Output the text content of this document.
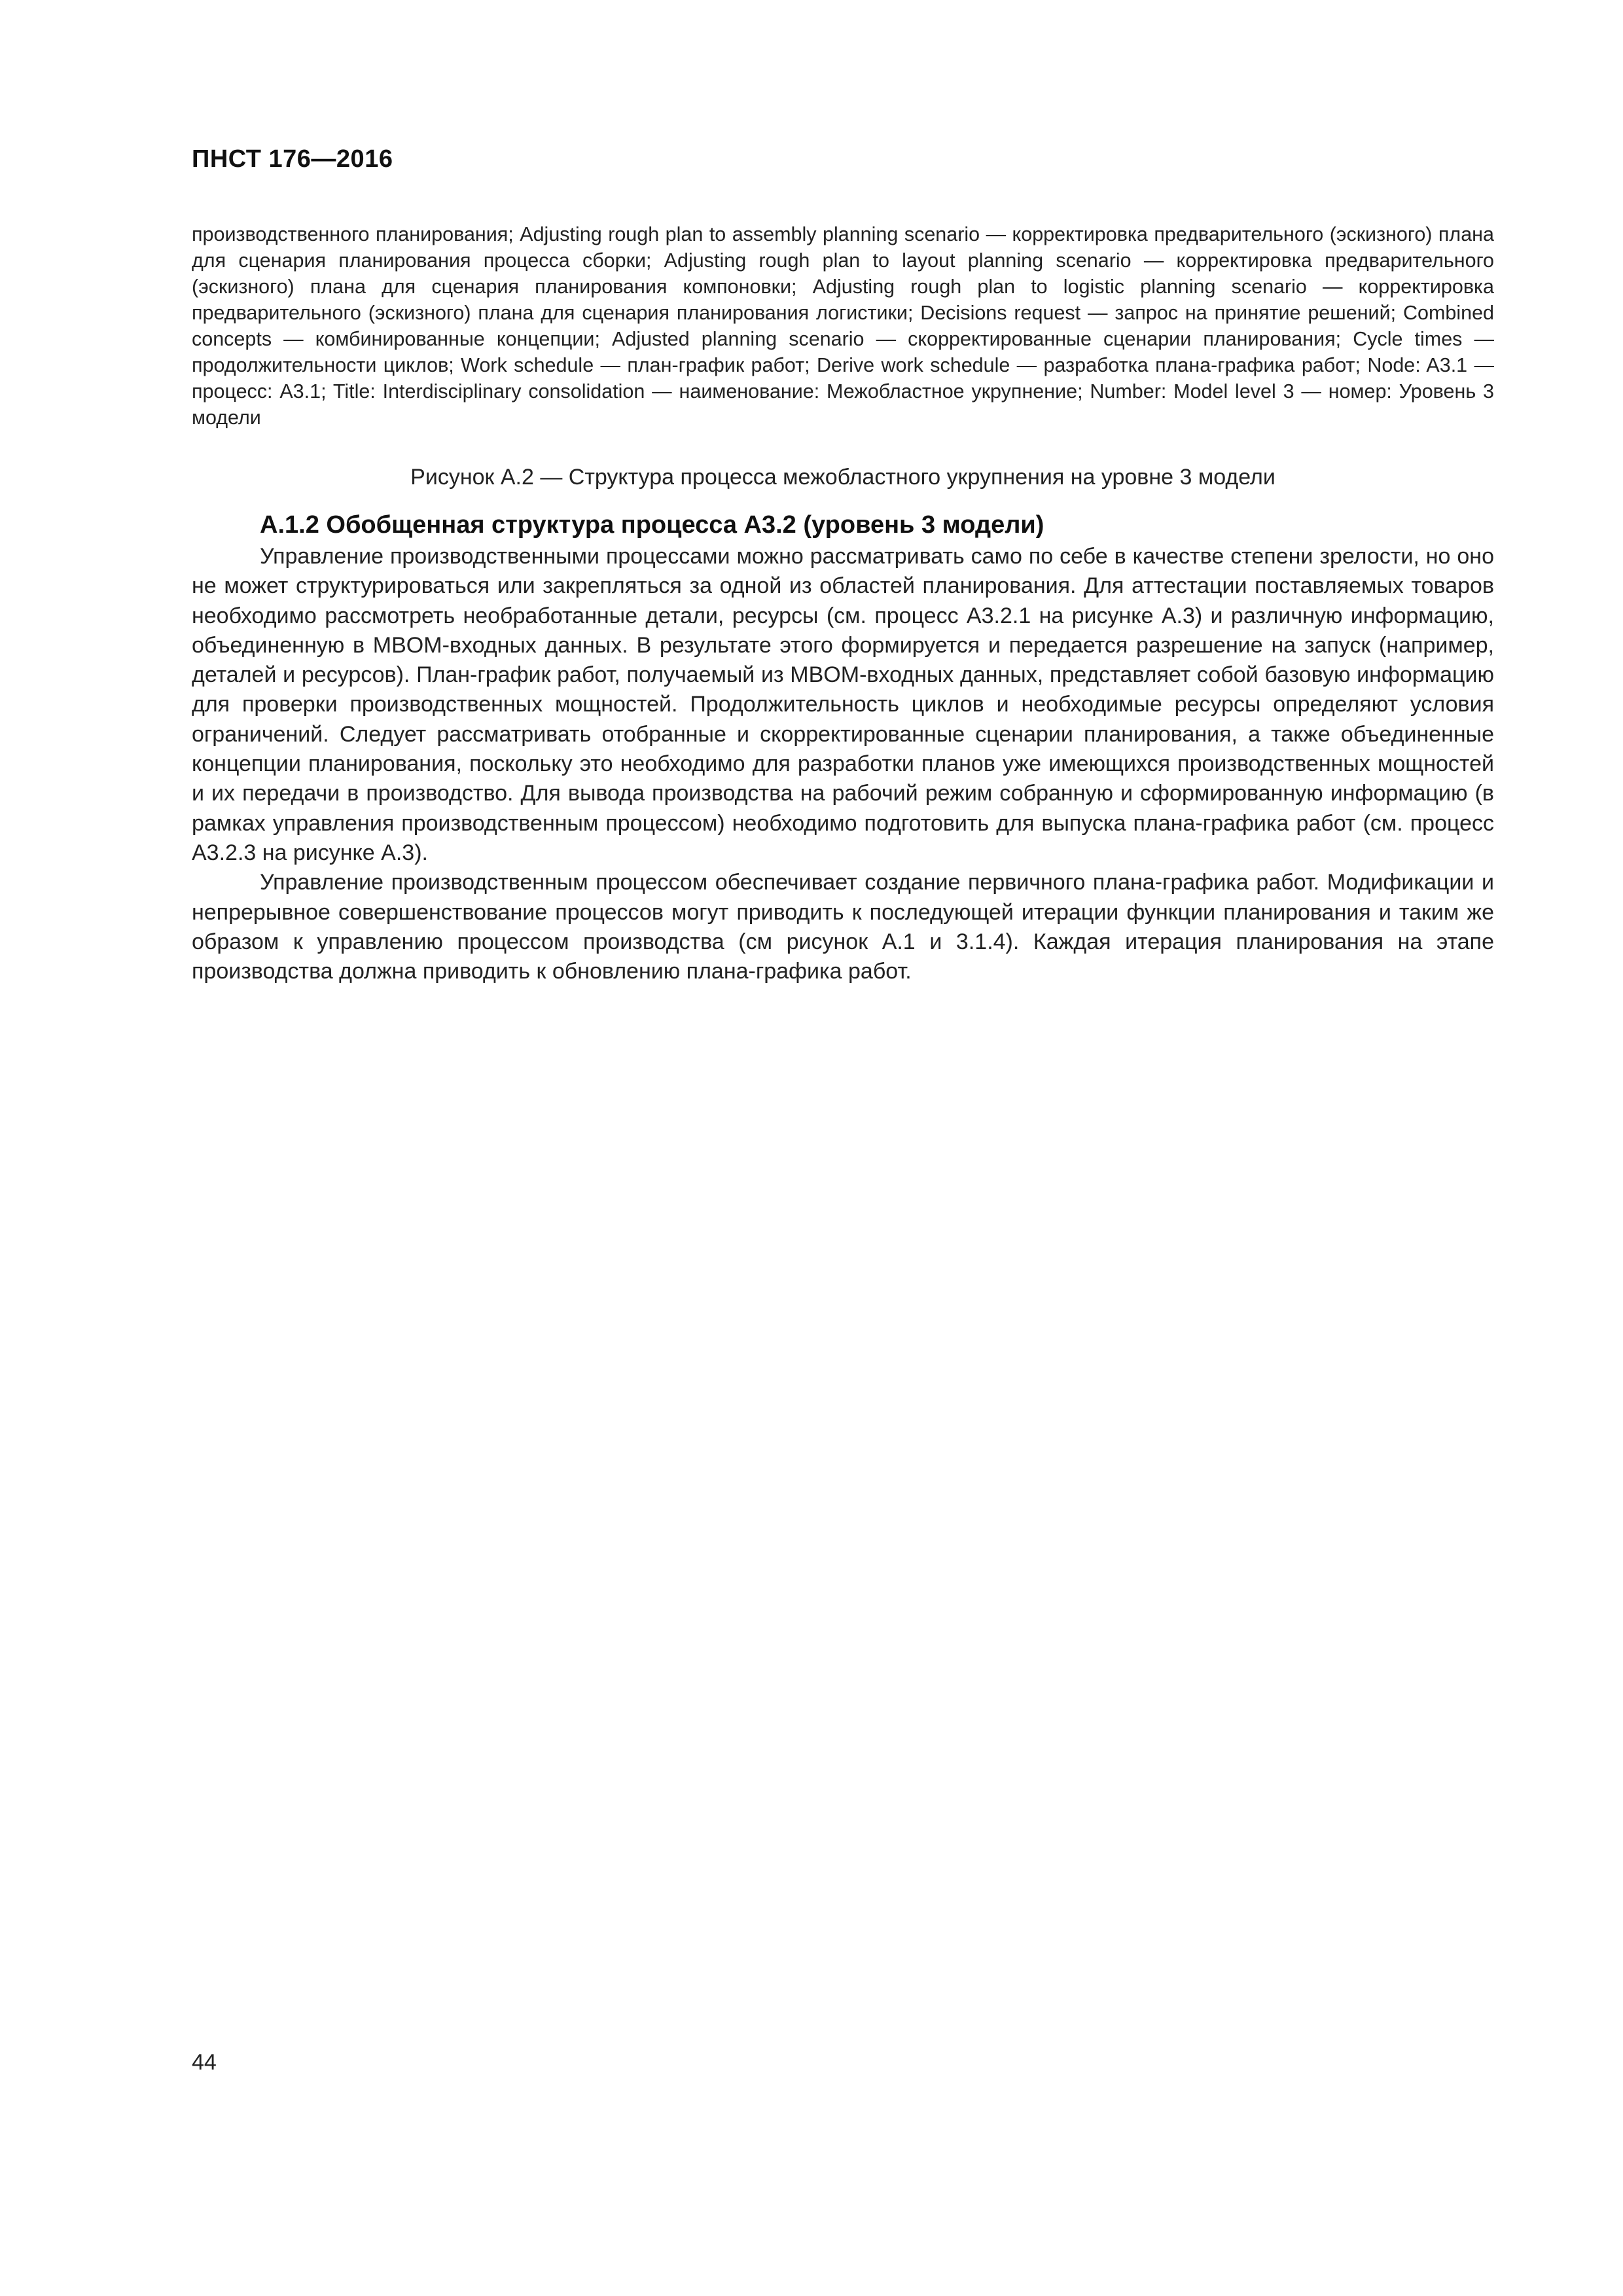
ПНСТ 176—2016
производственного планирования; Adjusting rough plan to assembly planning scenario — корректировка предварительного (эскизного) плана для сценария планирования процесса сборки; Adjusting rough plan to layout planning scenario — корректировка предварительного (эскизного) плана для сценария планирования компоновки; Adjusting rough plan to logistic planning scenario — корректировка предварительного (эскизного) плана для сценария планирования логистики; Decisions request — запрос на принятие решений; Combined concepts — комбинированные концепции; Adjusted planning scenario — скорректированные сценарии планирования; Cycle times — продолжительности циклов; Work schedule — план-график работ; Derive work schedule — разработка плана-графика работ; Node: A3.1 — процесс: A3.1; Title: Interdisciplinary consolidation — наименование: Межобластное укрупнение; Number: Model level 3 — номер: Уровень 3 модели
Рисунок А.2 — Структура процесса межобластного укрупнения на уровне 3 модели
А.1.2 Обобщенная структура процесса А3.2 (уровень 3 модели)

Управление производственными процессами можно рассматривать само по себе в качестве степени зрелости, но оно не может структурироваться или закрепляться за одной из областей планирования. Для аттестации поставляемых товаров необходимо рассмотреть необработанные детали, ресурсы (см. процесс А3.2.1 на рисунке А.3) и различную информацию, объединенную в MBOM-входных данных. В результате этого формируется и передается разрешение на запуск (например, деталей и ресурсов). План-график работ, получаемый из MBOM-входных данных, представляет собой базовую информацию для проверки производственных мощностей. Продолжительность циклов и необходимые ресурсы определяют условия ограничений. Следует рассматривать отобранные и скорректированные сценарии планирования, а также объединенные концепции планирования, поскольку это необходимо для разработки планов уже имеющихся производственных мощностей и их передачи в производство. Для вывода производства на рабочий режим собранную и сформированную информацию (в рамках управления производственным процессом) необходимо подготовить для выпуска плана-графика работ (см. процесс А3.2.3 на рисунке А.3).

Управление производственным процессом обеспечивает создание первичного плана-графика работ. Модификации и непрерывное совершенствование процессов могут приводить к последующей итерации функции планирования и таким же образом к управлению процессом производства (см рисунок А.1 и 3.1.4). Каждая итерация планирования на этапе производства должна приводить к обновлению плана-графика работ.

44
